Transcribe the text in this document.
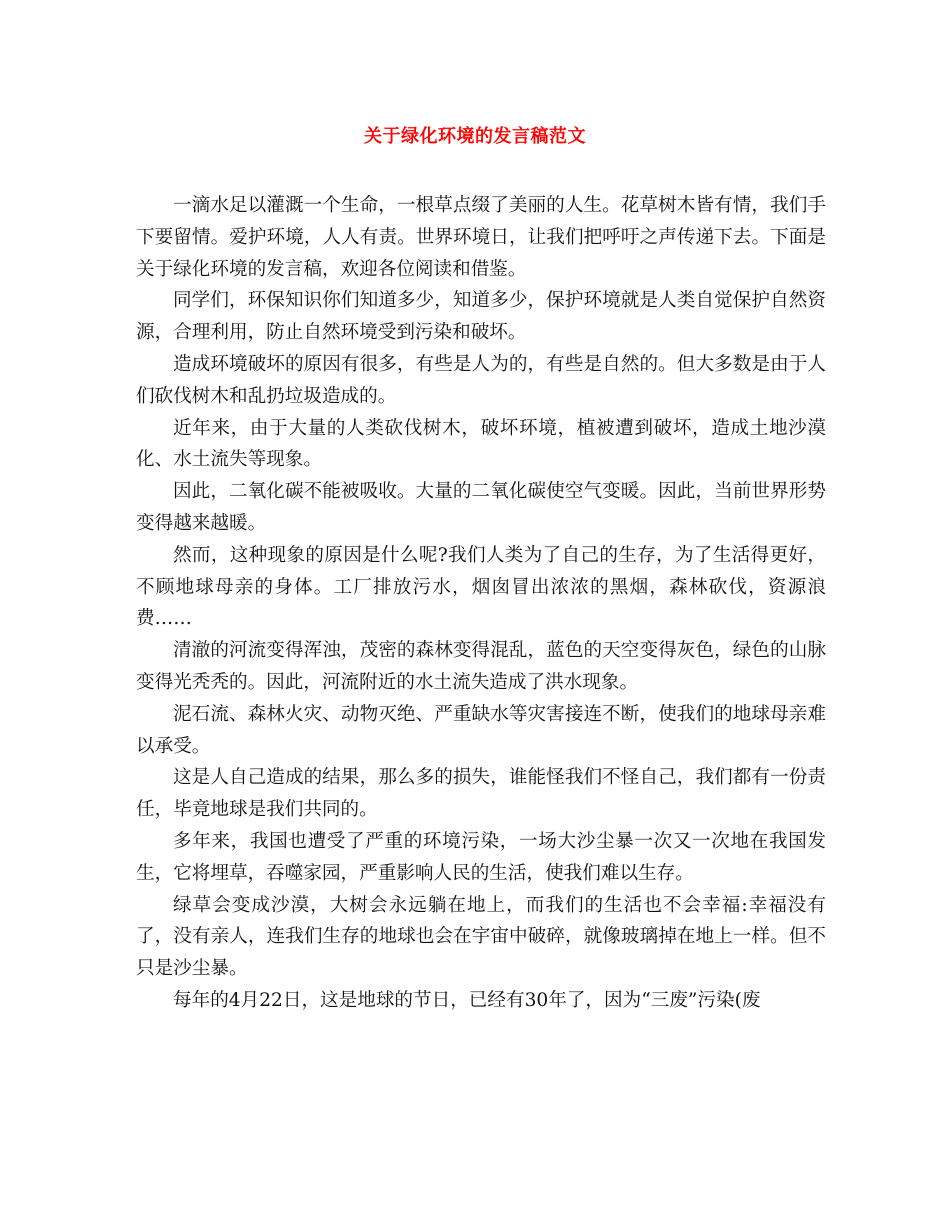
关于绿化环境的发言稿范文

一滴水足以灌溉一个生命，一根草点缀了美丽的人生。花草树木皆有情，我们手下要留情。爱护环境，人人有责。世界环境日，让我们把呼吁之声传递下去。下面是关于绿化环境的发言稿，欢迎各位阅读和借鉴。

同学们，环保知识你们知道多少，知道多少，保护环境就是人类自觉保护自然资源，合理利用，防止自然环境受到污染和破坏。

造成环境破坏的原因有很多，有些是人为的，有些是自然的。但大多数是由于人们砍伐树木和乱扔垃圾造成的。

近年来，由于大量的人类砍伐树木，破坏环境，植被遭到破坏，造成土地沙漠化、水土流失等现象。

因此，二氧化碳不能被吸收。大量的二氧化碳使空气变暖。因此，当前世界形势变得越来越暖。

然而，这种现象的原因是什么呢?我们人类为了自己的生存，为了生活得更好，不顾地球母亲的身体。工厂排放污水，烟囱冒出浓浓的黑烟，森林砍伐，资源浪费……

清澈的河流变得浑浊，茂密的森林变得混乱，蓝色的天空变得灰色，绿色的山脉变得光秃秃的。因此，河流附近的水土流失造成了洪水现象。

泥石流、森林火灾、动物灭绝、严重缺水等灾害接连不断，使我们的地球母亲难以承受。

这是人自己造成的结果，那么多的损失，谁能怪我们不怪自己，我们都有一份责任，毕竟地球是我们共同的。

多年来，我国也遭受了严重的环境污染，一场大沙尘暴一次又一次地在我国发生，它将埋草，吞噬家园，严重影响人民的生活，使我们难以生存。

绿草会变成沙漠，大树会永远躺在地上，而我们的生活也不会幸福:幸福没有了，没有亲人，连我们生存的地球也会在宇宙中破碎，就像玻璃掉在地上一样。但不只是沙尘暴。

每年的4月22日，这是地球的节日，已经有30年了，因为“三废”污染(废
